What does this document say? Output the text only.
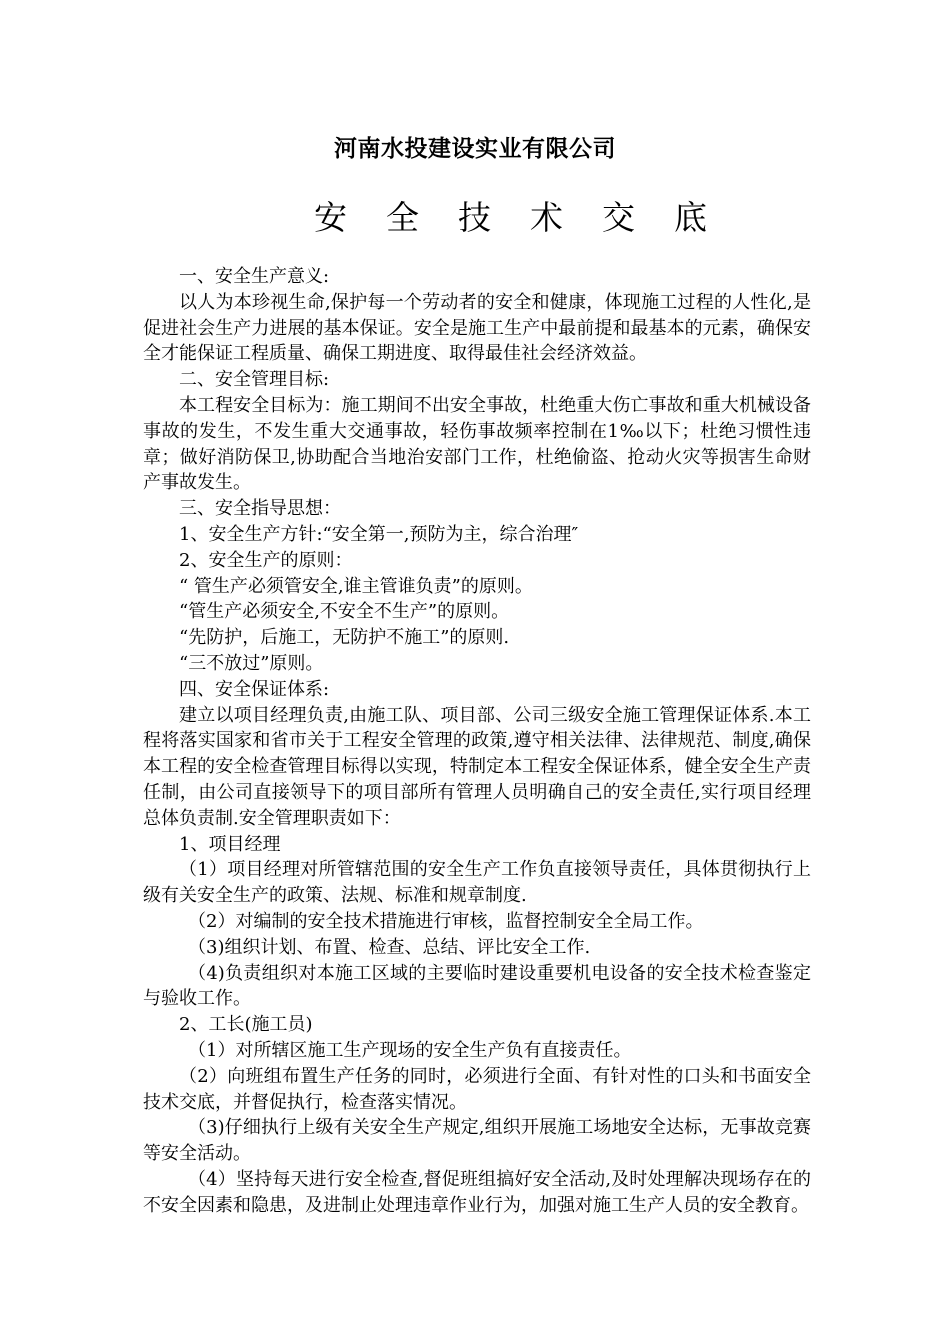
河南水投建设实业有限公司
安全技术交底

一、安全生产意义:

以人为本珍视生命,保护每一个劳动者的安全和健康，体现施工过程的人性化,是促进社会生产力进展的基本保证。安全是施工生产中最前提和最基本的元素，确保安全才能保证工程质量、确保工期进度、取得最佳社会经济效益。

二、安全管理目标:

本工程安全目标为：施工期间不出安全事故，杜绝重大伤亡事故和重大机械设备事故的发生，不发生重大交通事故，轻伤事故频率控制在1‰以下；杜绝习惯性违章；做好消防保卫,协助配合当地治安部门工作，杜绝偷盗、抢动火灾等损害生命财产事故发生。

三、安全指导思想：

1、安全生产方针:“安全第一,预防为主，综合治理″

2、安全生产的原则：

“ 管生产必须管安全,谁主管谁负责”的原则。

“管生产必须安全,不安全不生产”的原则。

“先防护，后施工，无防护不施工”的原则.

“三不放过”原则。

四、安全保证体系:

建立以项目经理负责,由施工队、项目部、公司三级安全施工管理保证体系.本工程将落实国家和省市关于工程安全管理的政策,遵守相关法律、法律规范、制度,确保本工程的安全检查管理目标得以实现，特制定本工程安全保证体系，健全安全生产责任制，由公司直接领导下的项目部所有管理人员明确自己的安全责任,实行项目经理总体负责制.安全管理职责如下：

1、项目经理

（1）项目经理对所管辖范围的安全生产工作负直接领导责任，具体贯彻执行上级有关安全生产的政策、法规、标准和规章制度.

（2）对编制的安全技术措施进行审核，监督控制安全全局工作。

（3)组织计划、布置、检查、总结、评比安全工作.

（4)负责组织对本施工区域的主要临时建设重要机电设备的安全技术检查鉴定与验收工作。

2、工长(施工员)

（1）对所辖区施工生产现场的安全生产负有直接责任。

（2）向班组布置生产任务的同时，必须进行全面、有针对性的口头和书面安全技术交底，并督促执行，检查落实情况。

（3)仔细执行上级有关安全生产规定,组织开展施工场地安全达标，无事故竞赛等安全活动。

（4）坚持每天进行安全检查,督促班组搞好安全活动,及时处理解决现场存在的不安全因素和隐患，及进制止处理违章作业行为，加强对施工生产人员的安全教育。
